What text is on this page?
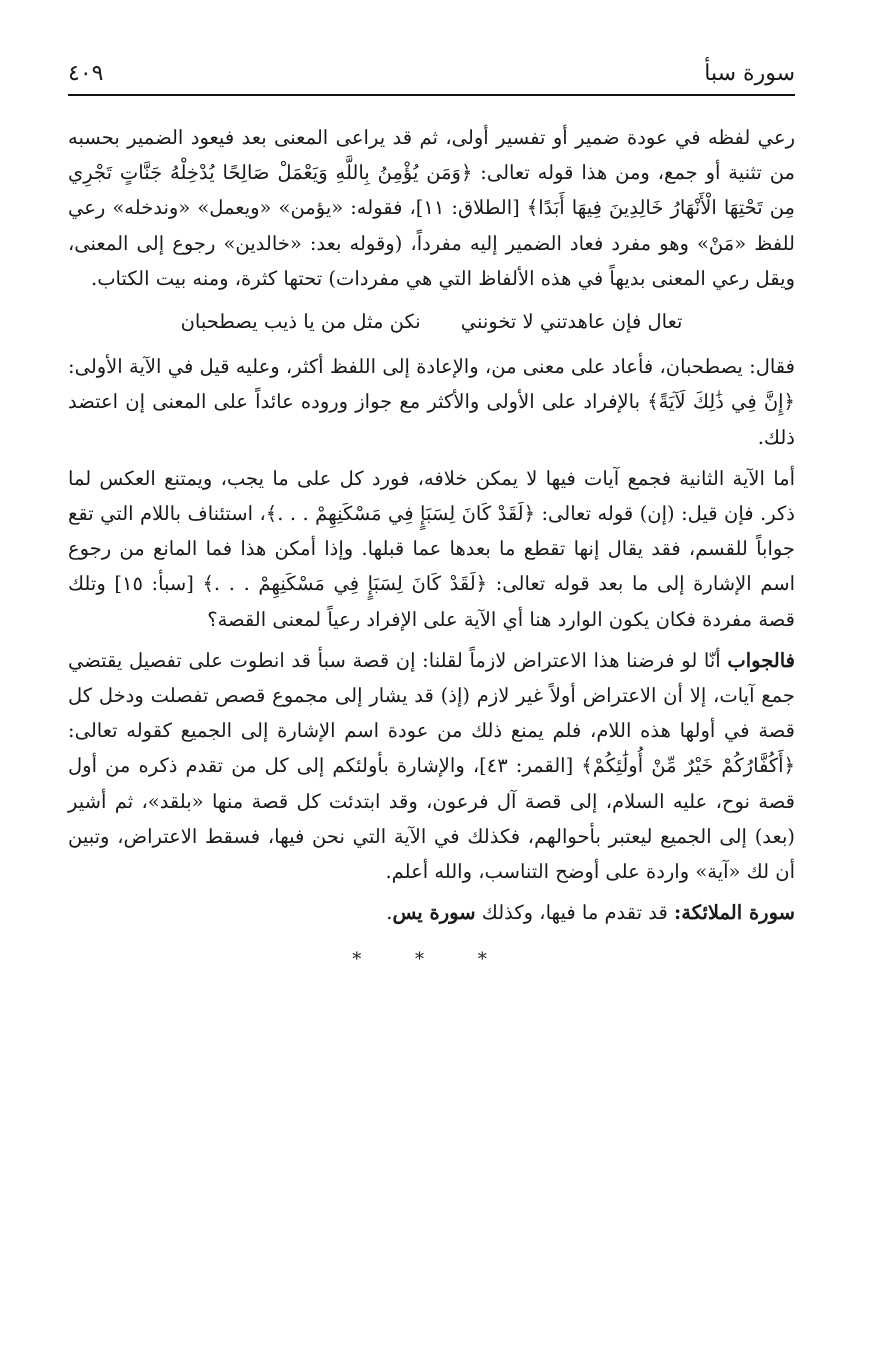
سورة سبأ
٤٠٩

رعي لفظه في عودة ضمير أو تفسير أولى، ثم قد يراعى المعنى بعد فيعود الضمير بحسبه من تثنية أو جمع، ومن هذا قوله تعالى: ﴿وَمَن يُؤْمِنُ بِاللَّهِ وَيَعْمَلْ صَالِحًا يُدْخِلْهُ جَنَّاتٍ تَجْرِي مِن تَحْتِهَا الْأَنْهَارُ خَالِدِينَ فِيهَا أَبَدًا﴾ [الطلاق: ١١]، فقوله: «يؤمن» «ويعمل» «وندخله» رعي للفظ «مَنْ» وهو مفرد فعاد الضمير إليه مفرداً، (وقوله بعد: «خالدين» رجوع إلى المعنى، ويقل رعي المعنى بديهاً في هذه الألفاظ التي هي مفردات) تحتها كثرة، ومنه بيت الكتاب.

تعال فإن عاهدتني لا تخونني
نكن مثل من يا ذيب يصطحبان

فقال: يصطحبان، فأعاد على معنى من، والإعادة إلى اللفظ أكثر، وعليه قيل في الآية الأولى: ﴿إِنَّ فِي ذَٰلِكَ لَآيَةً﴾ بالإفراد على الأولى والأكثر مع جواز وروده عائداً على المعنى إن اعتضد ذلك.

أما الآية الثانية فجمع آيات فيها لا يمكن خلافه، فورد كل على ما يجب، ويمتنع العكس لما ذكر. فإن قيل: (إن) قوله تعالى: ﴿لَقَدْ كَانَ لِسَبَإٍ فِي مَسْكَنِهِمْ . . .﴾، استئناف باللام التي تقع جواباً للقسم، فقد يقال إنها تقطع ما بعدها عما قبلها. وإذا أمكن هذا فما المانع من رجوع اسم الإشارة إلى ما بعد قوله تعالى: ﴿لَقَدْ كَانَ لِسَبَإٍ فِي مَسْكَنِهِمْ . . .﴾ [سبأ: ١٥] وتلك قصة مفردة فكان يكون الوارد هنا أي الآية على الإفراد رعياً لمعنى القصة؟

فالجواب أنّا لو فرضنا هذا الاعتراض لازماً لقلنا: إن قصة سبأ قد انطوت على تفصيل يقتضي جمع آيات، إلا أن الاعتراض أولاً غير لازم (إذ) قد يشار إلى مجموع قصص تفصلت ودخل كل قصة في أولها هذه اللام، فلم يمنع ذلك من عودة اسم الإشارة إلى الجميع كقوله تعالى: ﴿أَكُفَّارُكُمْ خَيْرٌ مِّنْ أُولَٰئِكُمْ﴾ [القمر: ٤٣]، والإشارة بأولئكم إلى كل من تقدم ذكره من أول قصة نوح، عليه السلام، إلى قصة آل فرعون، وقد ابتدئت كل قصة منها «بلقد»، ثم أشير (بعد) إلى الجميع ليعتبر بأحوالهم، فكذلك في الآية التي نحن فيها، فسقط الاعتراض، وتبين أن لك «آية» واردة على أوضح التناسب، والله أعلم.

سورة الملائكة: قد تقدم ما فيها، وكذلك سورة يس.

* * *
